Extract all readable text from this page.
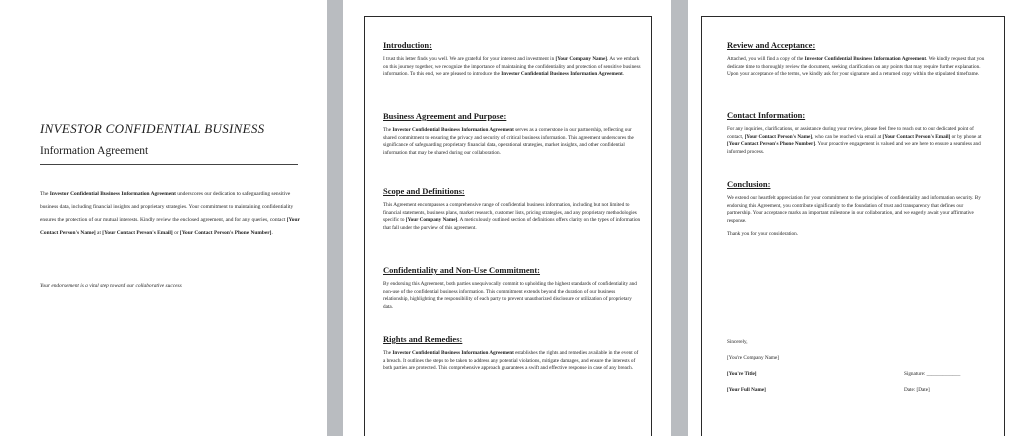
INVESTOR CONFIDENTIAL BUSINESS
Information Agreement

The Investor Confidential Business Information Agreement underscores our dedication to safeguarding sensitive business data, including financial insights and proprietary strategies. Your commitment to maintaining confidentiality ensures the protection of our mutual interests. Kindly review the enclosed agreement, and for any queries, contact [Your Contact Person's Name] at [Your Contact Person's Email] or [Your Contact Person's Phone Number].

Your endorsement is a vital step toward our collaborative success

Introduction:

I trust this letter finds you well. We are grateful for your interest and investment in [Your Company Name]. As we embark on this journey together, we recognize the importance of maintaining the confidentiality and protection of sensitive business information. To this end, we are pleased to introduce the Investor Confidential Business Information Agreement.

Business Agreement and Purpose:

The Investor Confidential Business Information Agreement serves as a cornerstone in our partnership, reflecting our shared commitment to ensuring the privacy and security of critical business information. This agreement underscores the significance of safeguarding proprietary financial data, operational strategies, market insights, and other confidential information that may be shared during our collaboration.

Scope and Definitions:

This Agreement encompasses a comprehensive range of confidential business information, including but not limited to financial statements, business plans, market research, customer lists, pricing strategies, and any proprietary methodologies specific to [Your Company Name]. A meticulously outlined section of definitions offers clarity on the types of information that fall under the purview of this agreement.

Confidentiality and Non-Use Commitment:

By endorsing this Agreement, both parties unequivocally commit to upholding the highest standards of confidentiality and non-use of the confidential business information. This commitment extends beyond the duration of our business relationship, highlighting the responsibility of each party to prevent unauthorized disclosure or utilization of proprietary data.

Rights and Remedies:

The Investor Confidential Business Information Agreement establishes the rights and remedies available in the event of a breach. It outlines the steps to be taken to address any potential violations, mitigate damages, and ensure the interests of both parties are protected. This comprehensive approach guarantees a swift and effective response in case of any breach.

Review and Acceptance:

Attached, you will find a copy of the Investor Confidential Business Information Agreement. We kindly request that you dedicate time to thoroughly review the document, seeking clarification on any points that may require further explanation. Upon your acceptance of the terms, we kindly ask for your signature and a returned copy within the stipulated timeframe.

Contact Information:

For any inquiries, clarifications, or assistance during your review, please feel free to reach out to our dedicated point of contact, [Your Contact Person's Name], who can be reached via email at [Your Contact Person's Email] or by phone at [Your Contact Person's Phone Number]. Your proactive engagement is valued and we are here to ensure a seamless and informed process.

Conclusion:

We extend our heartfelt appreciation for your commitment to the principles of confidentiality and information security. By endorsing this Agreement, you contribute significantly to the foundation of trust and transparency that defines our partnership. Your acceptance marks an important milestone in our collaboration, and we eagerly await your affirmative response.

Thank you for your consideration.

Sincerely,
[You're Company Name]
[You're Title]
[Your Full Name]
Signature: _____________
Date: [Date]
